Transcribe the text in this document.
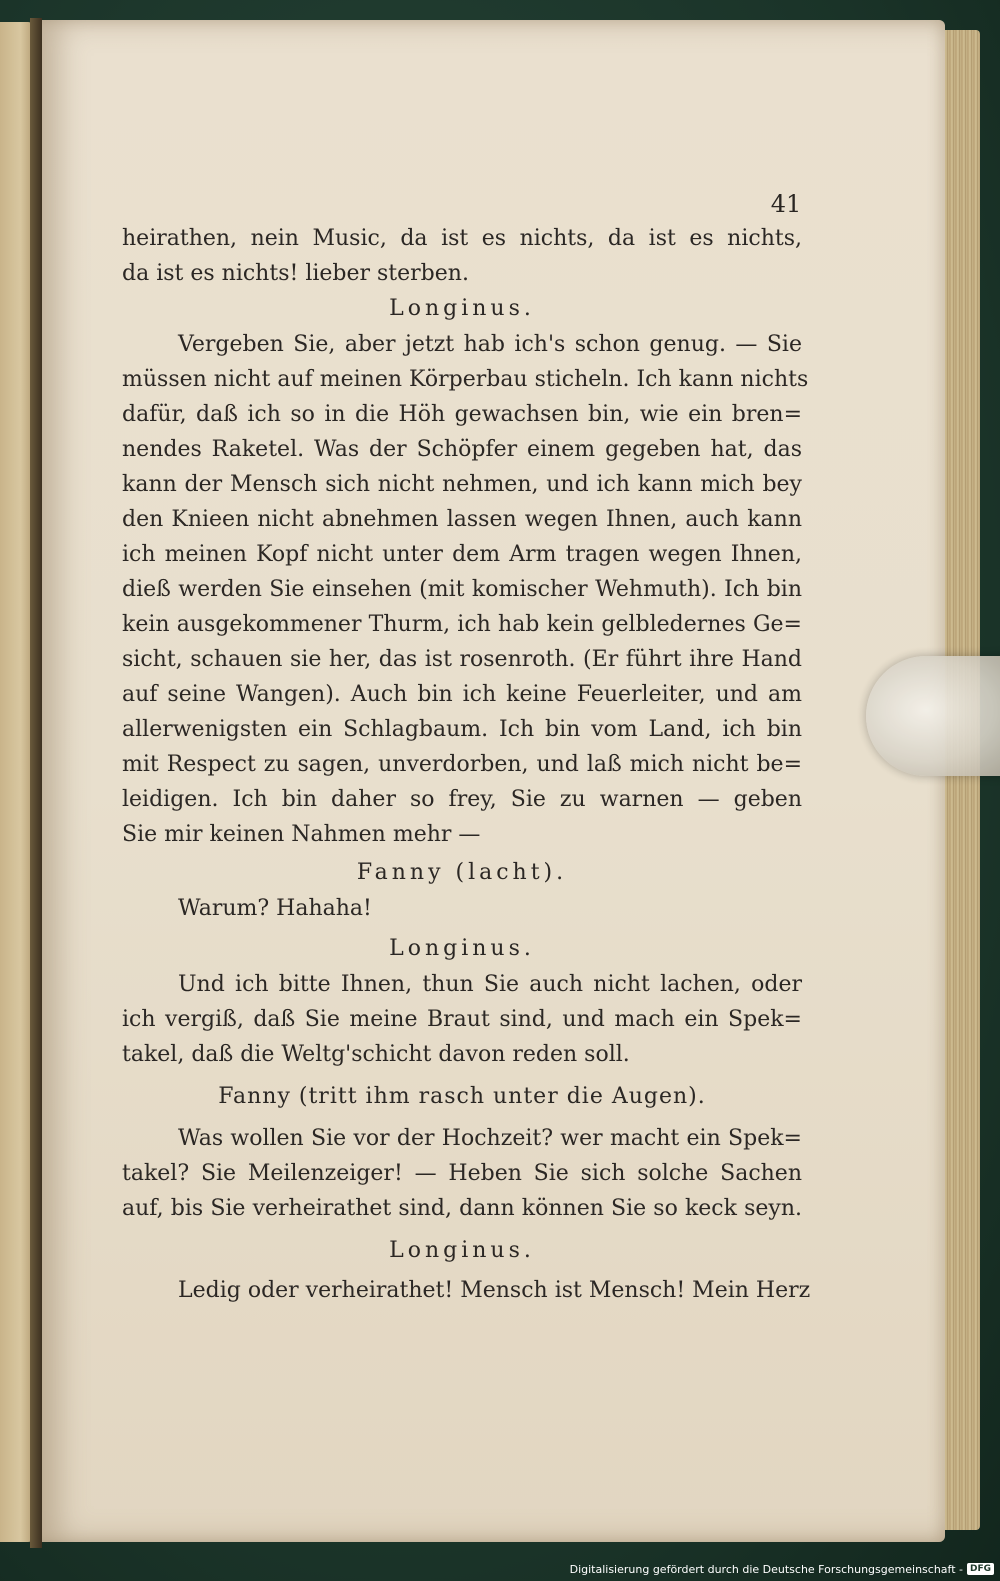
41
heirathen, nein Music, da ist es nichts, da ist es nichts,
da ist es nichts! lieber sterben.
Longinus.
Vergeben Sie, aber jetzt hab ich's schon genug. — Sie
müssen nicht auf meinen Körperbau sticheln. Ich kann nichts
dafür, daß ich so in die Höh gewachsen bin, wie ein bren=
nendes Raketel. Was der Schöpfer einem gegeben hat, das
kann der Mensch sich nicht nehmen, und ich kann mich bey
den Knieen nicht abnehmen lassen wegen Ihnen, auch kann
ich meinen Kopf nicht unter dem Arm tragen wegen Ihnen,
dieß werden Sie einsehen (mit komischer Wehmuth). Ich bin
kein ausgekommener Thurm, ich hab kein gelbledernes Ge=
sicht, schauen sie her, das ist rosenroth. (Er führt ihre Hand
auf seine Wangen). Auch bin ich keine Feuerleiter, und am
allerwenigsten ein Schlagbaum. Ich bin vom Land, ich bin
mit Respect zu sagen, unverdorben, und laß mich nicht be=
leidigen. Ich bin daher so frey, Sie zu warnen — geben
Sie mir keinen Nahmen mehr —
Fanny (lacht).
Warum? Hahaha!
Longinus.
Und ich bitte Ihnen, thun Sie auch nicht lachen, oder
ich vergiß, daß Sie meine Braut sind, und mach ein Spek=
takel, daß die Weltg'schicht davon reden soll.
Fanny (tritt ihm rasch unter die Augen).
Was wollen Sie vor der Hochzeit? wer macht ein Spek=
takel? Sie Meilenzeiger! — Heben Sie sich solche Sachen
auf, bis Sie verheirathet sind, dann können Sie so keck seyn.
Longinus.
Ledig oder verheirathet! Mensch ist Mensch! Mein Herz
Digitalisierung gefördert durch die Deutsche Forschungsgemeinschaft - DFG
